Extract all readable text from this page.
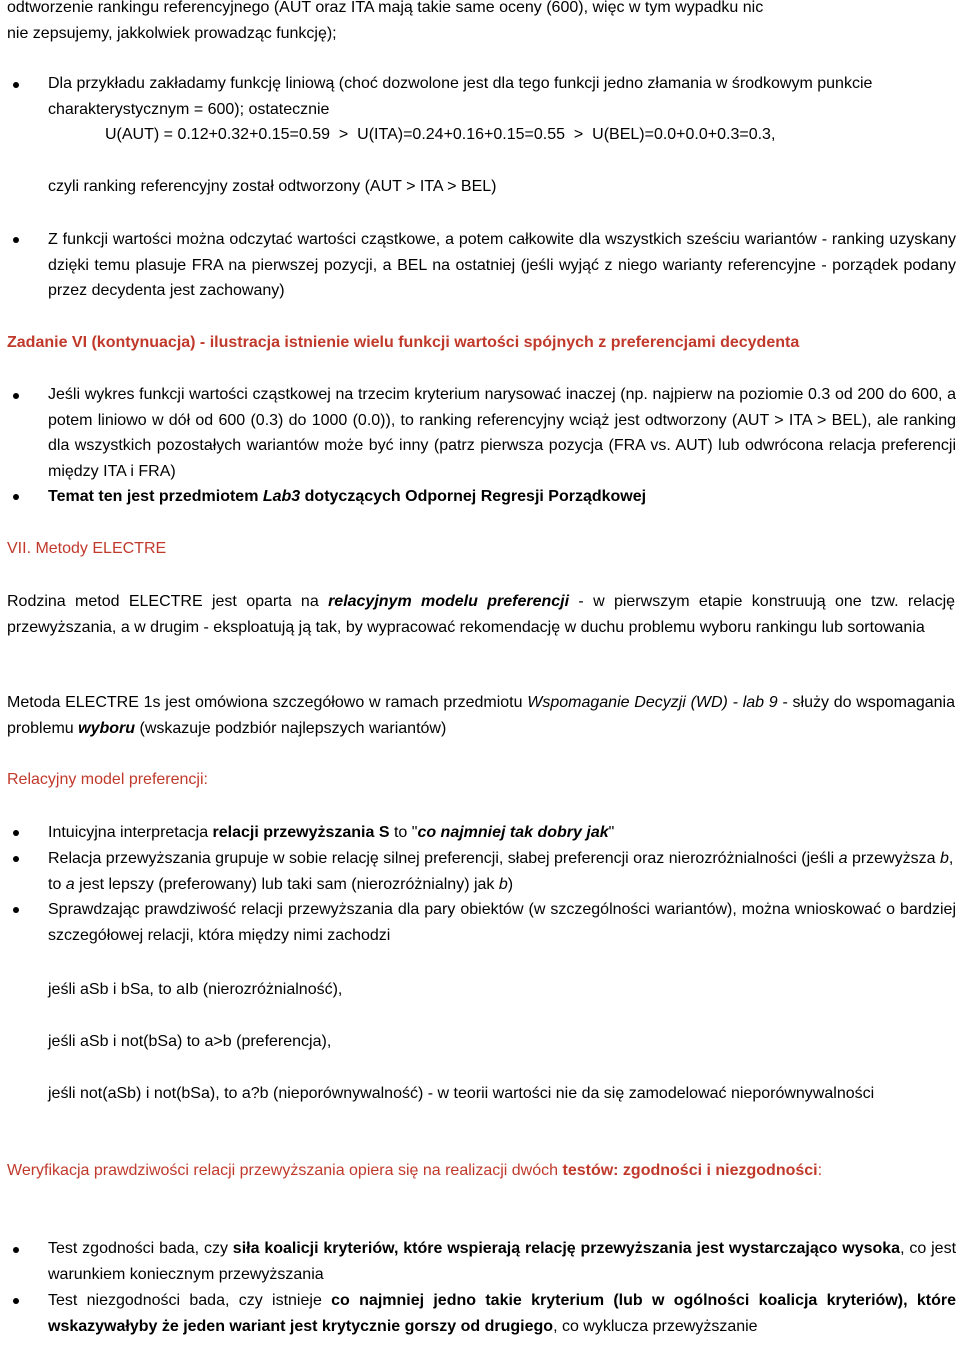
odtworzenie rankingu referencyjnego (AUT oraz ITA mają takie same oceny (600), więc w tym wypadku nic
nie zepsujemy, jakkolwiek prowadząc funkcję);
Dla przykładu zakładamy funkcję liniową (choć dozwolone jest dla tego funkcji jedno złamania w środkowym punkcie charakterystycznym = 600); ostatecznie
U(AUT) = 0.12+0.32+0.15=0.59  >  U(ITA)=0.24+0.16+0.15=0.55  >  U(BEL)=0.0+0.0+0.3=0.3,
czyli ranking referencyjny został odtworzony (AUT > ITA > BEL)
Z funkcji wartości można odczytać wartości cząstkowe, a potem całkowite dla wszystkich sześciu wariantów - ranking uzyskany dzięki temu plasuje FRA na pierwszej pozycji, a BEL na ostatniej (jeśli wyjąć z niego warianty referencyjne - porządek podany przez decydenta jest zachowany)
Zadanie VI (kontynuacja) - ilustracja istnienie wielu funkcji wartości spójnych z preferencjami decydenta
Jeśli wykres funkcji wartości cząstkowej na trzecim kryterium narysować inaczej (np. najpierw na poziomie 0.3 od 200 do 600, a potem liniowo w dół od 600 (0.3) do 1000 (0.0)), to ranking referencyjny wciąż jest odtworzony (AUT > ITA > BEL), ale ranking dla wszystkich pozostałych wariantów może być inny (patrz pierwsza pozycja (FRA vs. AUT) lub odwrócona relacja preferencji między ITA i FRA)
Temat ten jest przedmiotem Lab3 dotyczących Odpornej Regresji Porządkowej
VII. Metody ELECTRE
Rodzina metod ELECTRE jest oparta na relacyjnym modelu preferencji - w pierwszym etapie konstruują one tzw. relację przewyższania, a w drugim - eksploatują ją tak, by wypracować rekomendację w duchu problemu wyboru rankingu lub sortowania
Metoda ELECTRE 1s jest omówiona szczegółowo w ramach przedmiotu Wspomaganie Decyzji (WD) - lab 9 - służy do wspomagania problemu wyboru (wskazuje podzbiór najlepszych wariantów)
Relacyjny model preferencji:
Intuicyjna interpretacja relacji przewyższania S to "co najmniej tak dobry jak"
Relacja przewyższania grupuje w sobie relację silnej preferencji, słabej preferencji oraz nierozróżnialności (jeśli a przewyższa b, to a jest lepszy (preferowany) lub taki sam (nierozróżnialny) jak b)
Sprawdzając prawdziwość relacji przewyższania dla pary obiektów (w szczególności wariantów), można wnioskować o bardziej szczegółowej relacji, która między nimi zachodzi
jeśli aSb i bSa, to aIb (nierozróżnialność),
jeśli aSb i not(bSa) to a>b (preferencja),
jeśli not(aSb) i not(bSa), to a?b (nieporównywalność) - w teorii wartości nie da się zamodelować nieporównywalności
Weryfikacja prawdziwości relacji przewyższania opiera się na realizacji dwóch testów: zgodności i niezgodności:
Test zgodności bada, czy siła koalicji kryteriów, które wspierają relację przewyższania jest wystarczająco wysoka, co jest warunkiem koniecznym przewyższania
Test niezgodności bada, czy istnieje co najmniej jedno takie kryterium (lub w ogólności koalicja kryteriów), które wskazywałyby że jeden wariant jest krytycznie gorszy od drugiego, co wyklucza przewyższanie
